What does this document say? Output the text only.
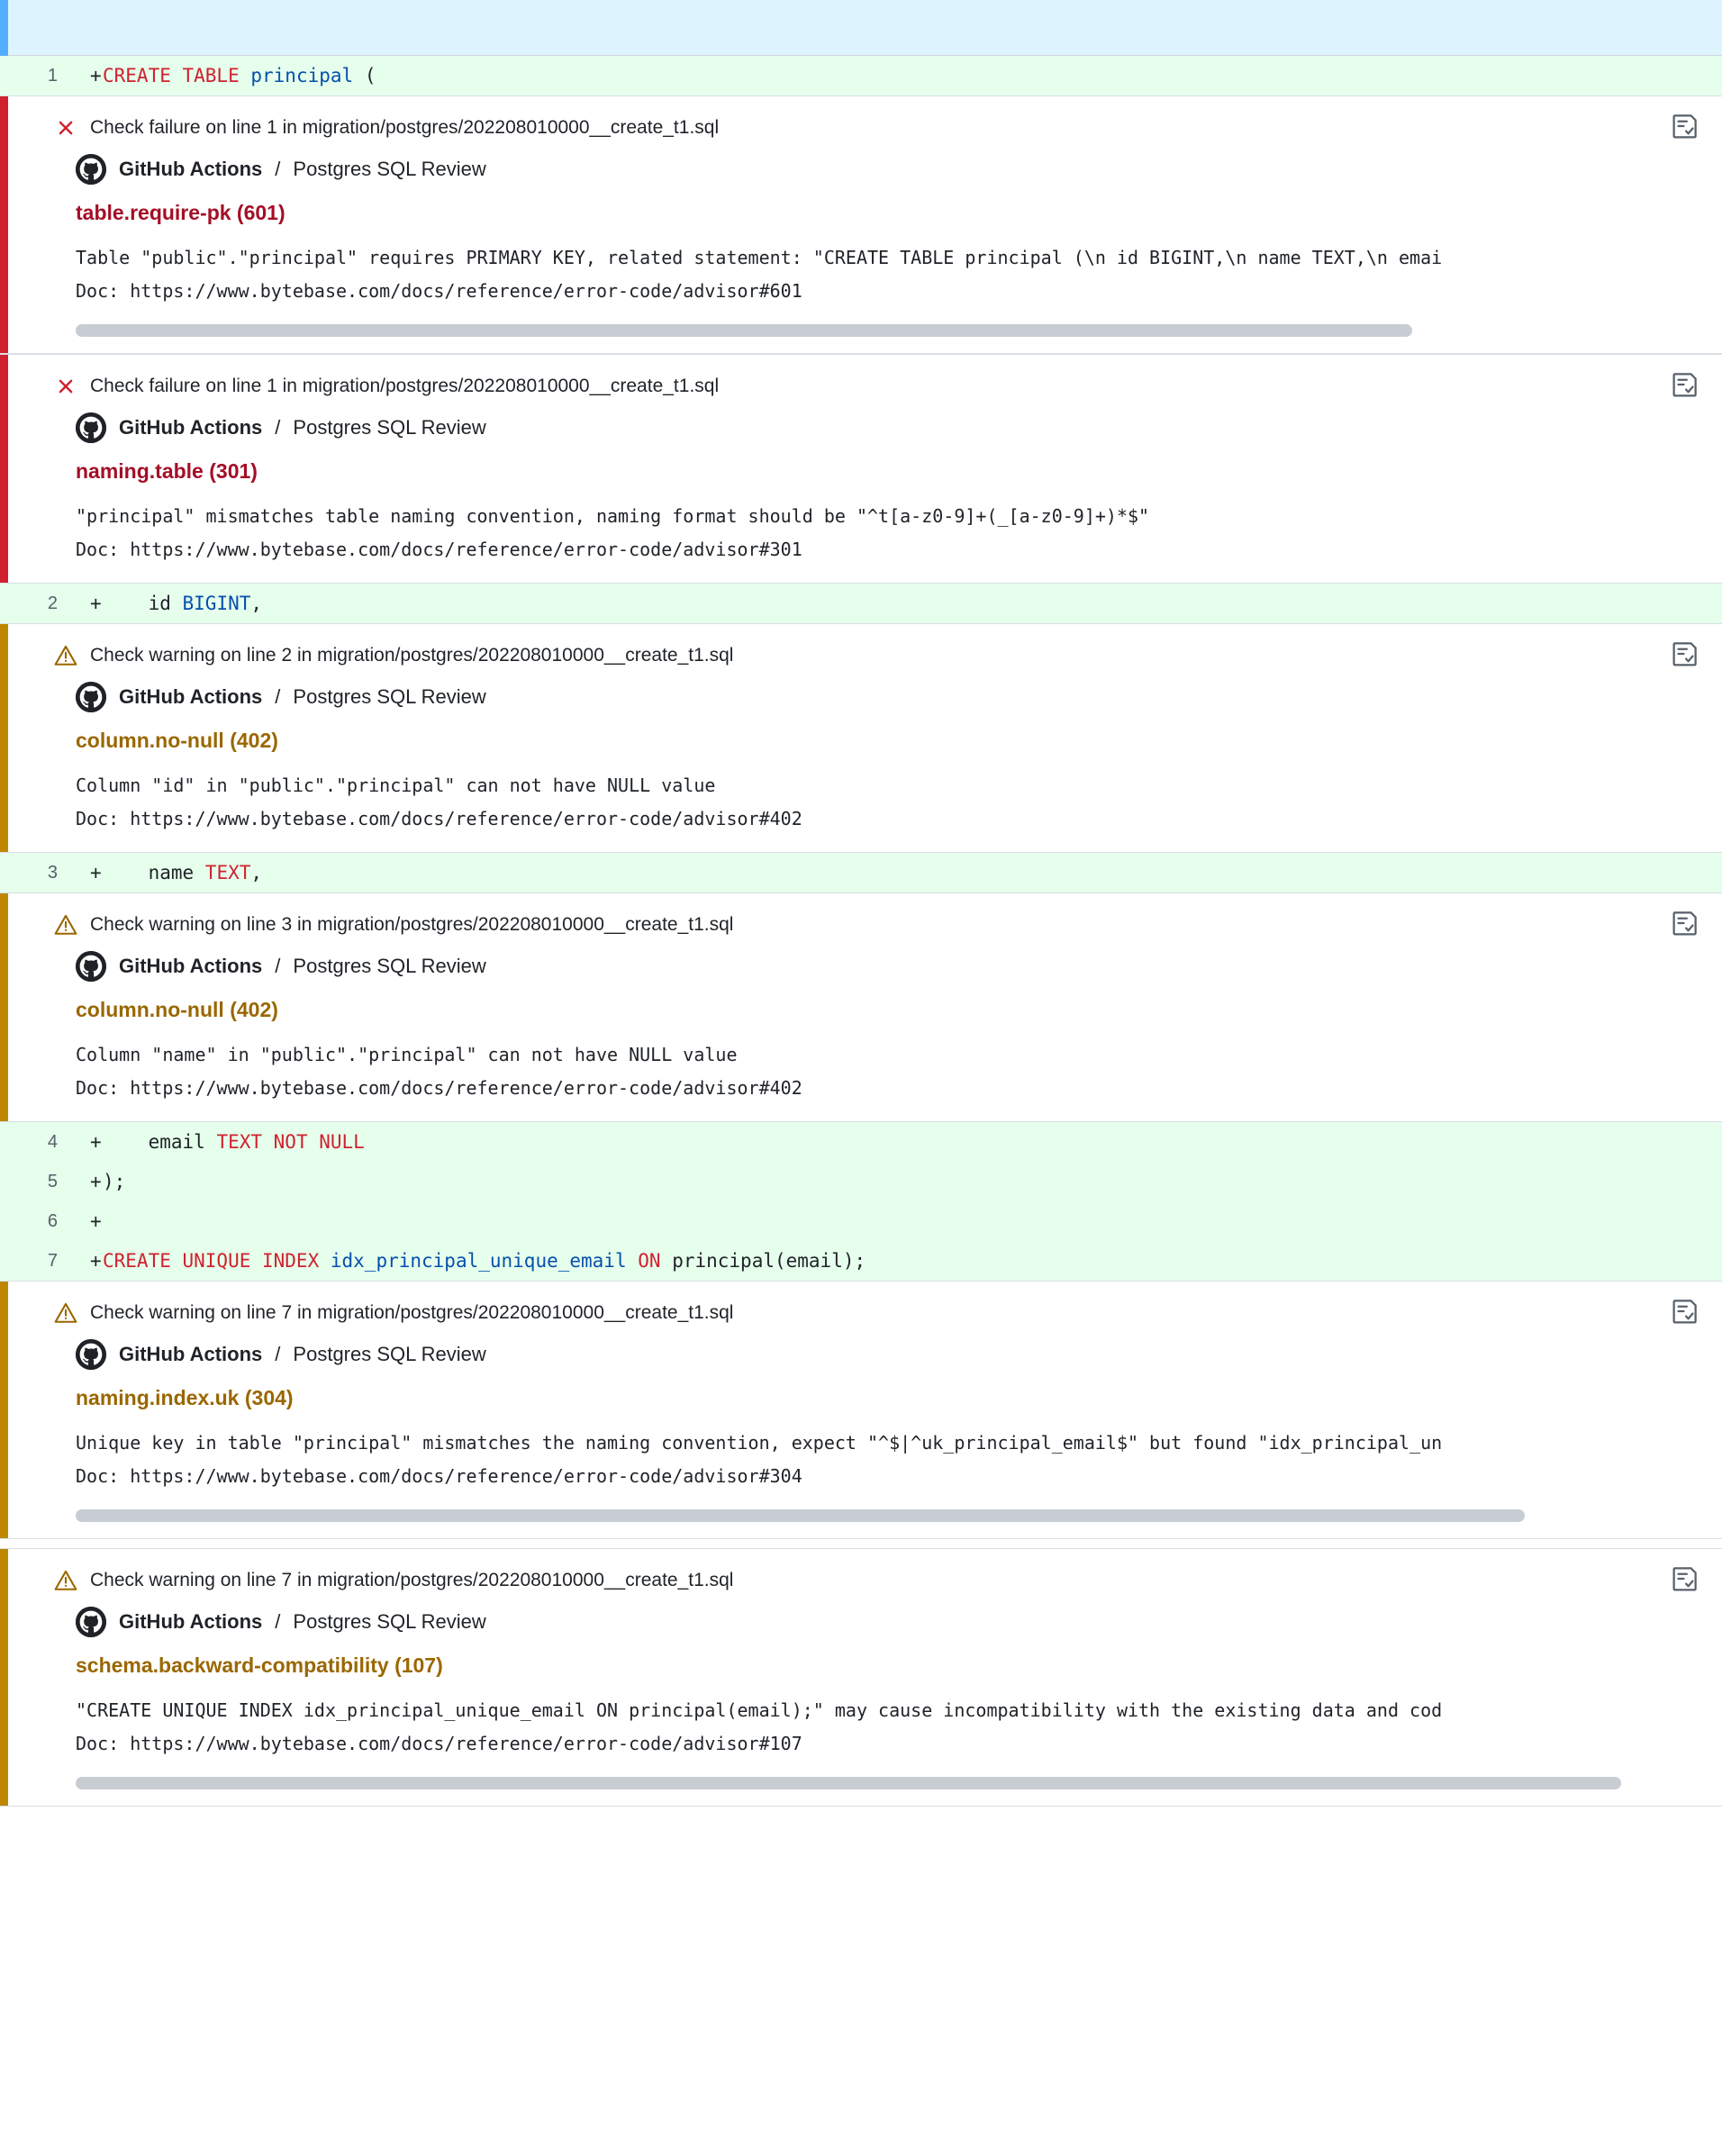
1	+ CREATE TABLE principal (
Check failure on line 1 in migration/postgres/202208010000__create_t1.sql
GitHub Actions / Postgres SQL Review
table.require-pk (601)
Table "public"."principal" requires PRIMARY KEY, related statement: "CREATE TABLE principal (\n id BIGINT,\n name TEXT,\n emai
Doc: https://www.bytebase.com/docs/reference/error-code/advisor#601
Check failure on line 1 in migration/postgres/202208010000__create_t1.sql
GitHub Actions / Postgres SQL Review
naming.table (301)
"principal" mismatches table naming convention, naming format should be "^t[a-z0-9]+(_[a-z0-9]+)*$"
Doc: https://www.bytebase.com/docs/reference/error-code/advisor#301
2	+ id BIGINT,
Check warning on line 2 in migration/postgres/202208010000__create_t1.sql
GitHub Actions / Postgres SQL Review
column.no-null (402)
Column "id" in "public"."principal" can not have NULL value
Doc: https://www.bytebase.com/docs/reference/error-code/advisor#402
3	+ name TEXT,
Check warning on line 3 in migration/postgres/202208010000__create_t1.sql
GitHub Actions / Postgres SQL Review
column.no-null (402)
Column "name" in "public"."principal" can not have NULL value
Doc: https://www.bytebase.com/docs/reference/error-code/advisor#402
4	+ email TEXT NOT NULL
5	+ );
6	+
7	+ CREATE UNIQUE INDEX idx_principal_unique_email ON principal(email);
Check warning on line 7 in migration/postgres/202208010000__create_t1.sql
GitHub Actions / Postgres SQL Review
naming.index.uk (304)
Unique key in table "principal" mismatches the naming convention, expect "^$|^uk_principal_email$" but found "idx_principal_un
Doc: https://www.bytebase.com/docs/reference/error-code/advisor#304
Check warning on line 7 in migration/postgres/202208010000__create_t1.sql
GitHub Actions / Postgres SQL Review
schema.backward-compatibility (107)
"CREATE UNIQUE INDEX idx_principal_unique_email ON principal(email);" may cause incompatibility with the existing data and cod
Doc: https://www.bytebase.com/docs/reference/error-code/advisor#107
